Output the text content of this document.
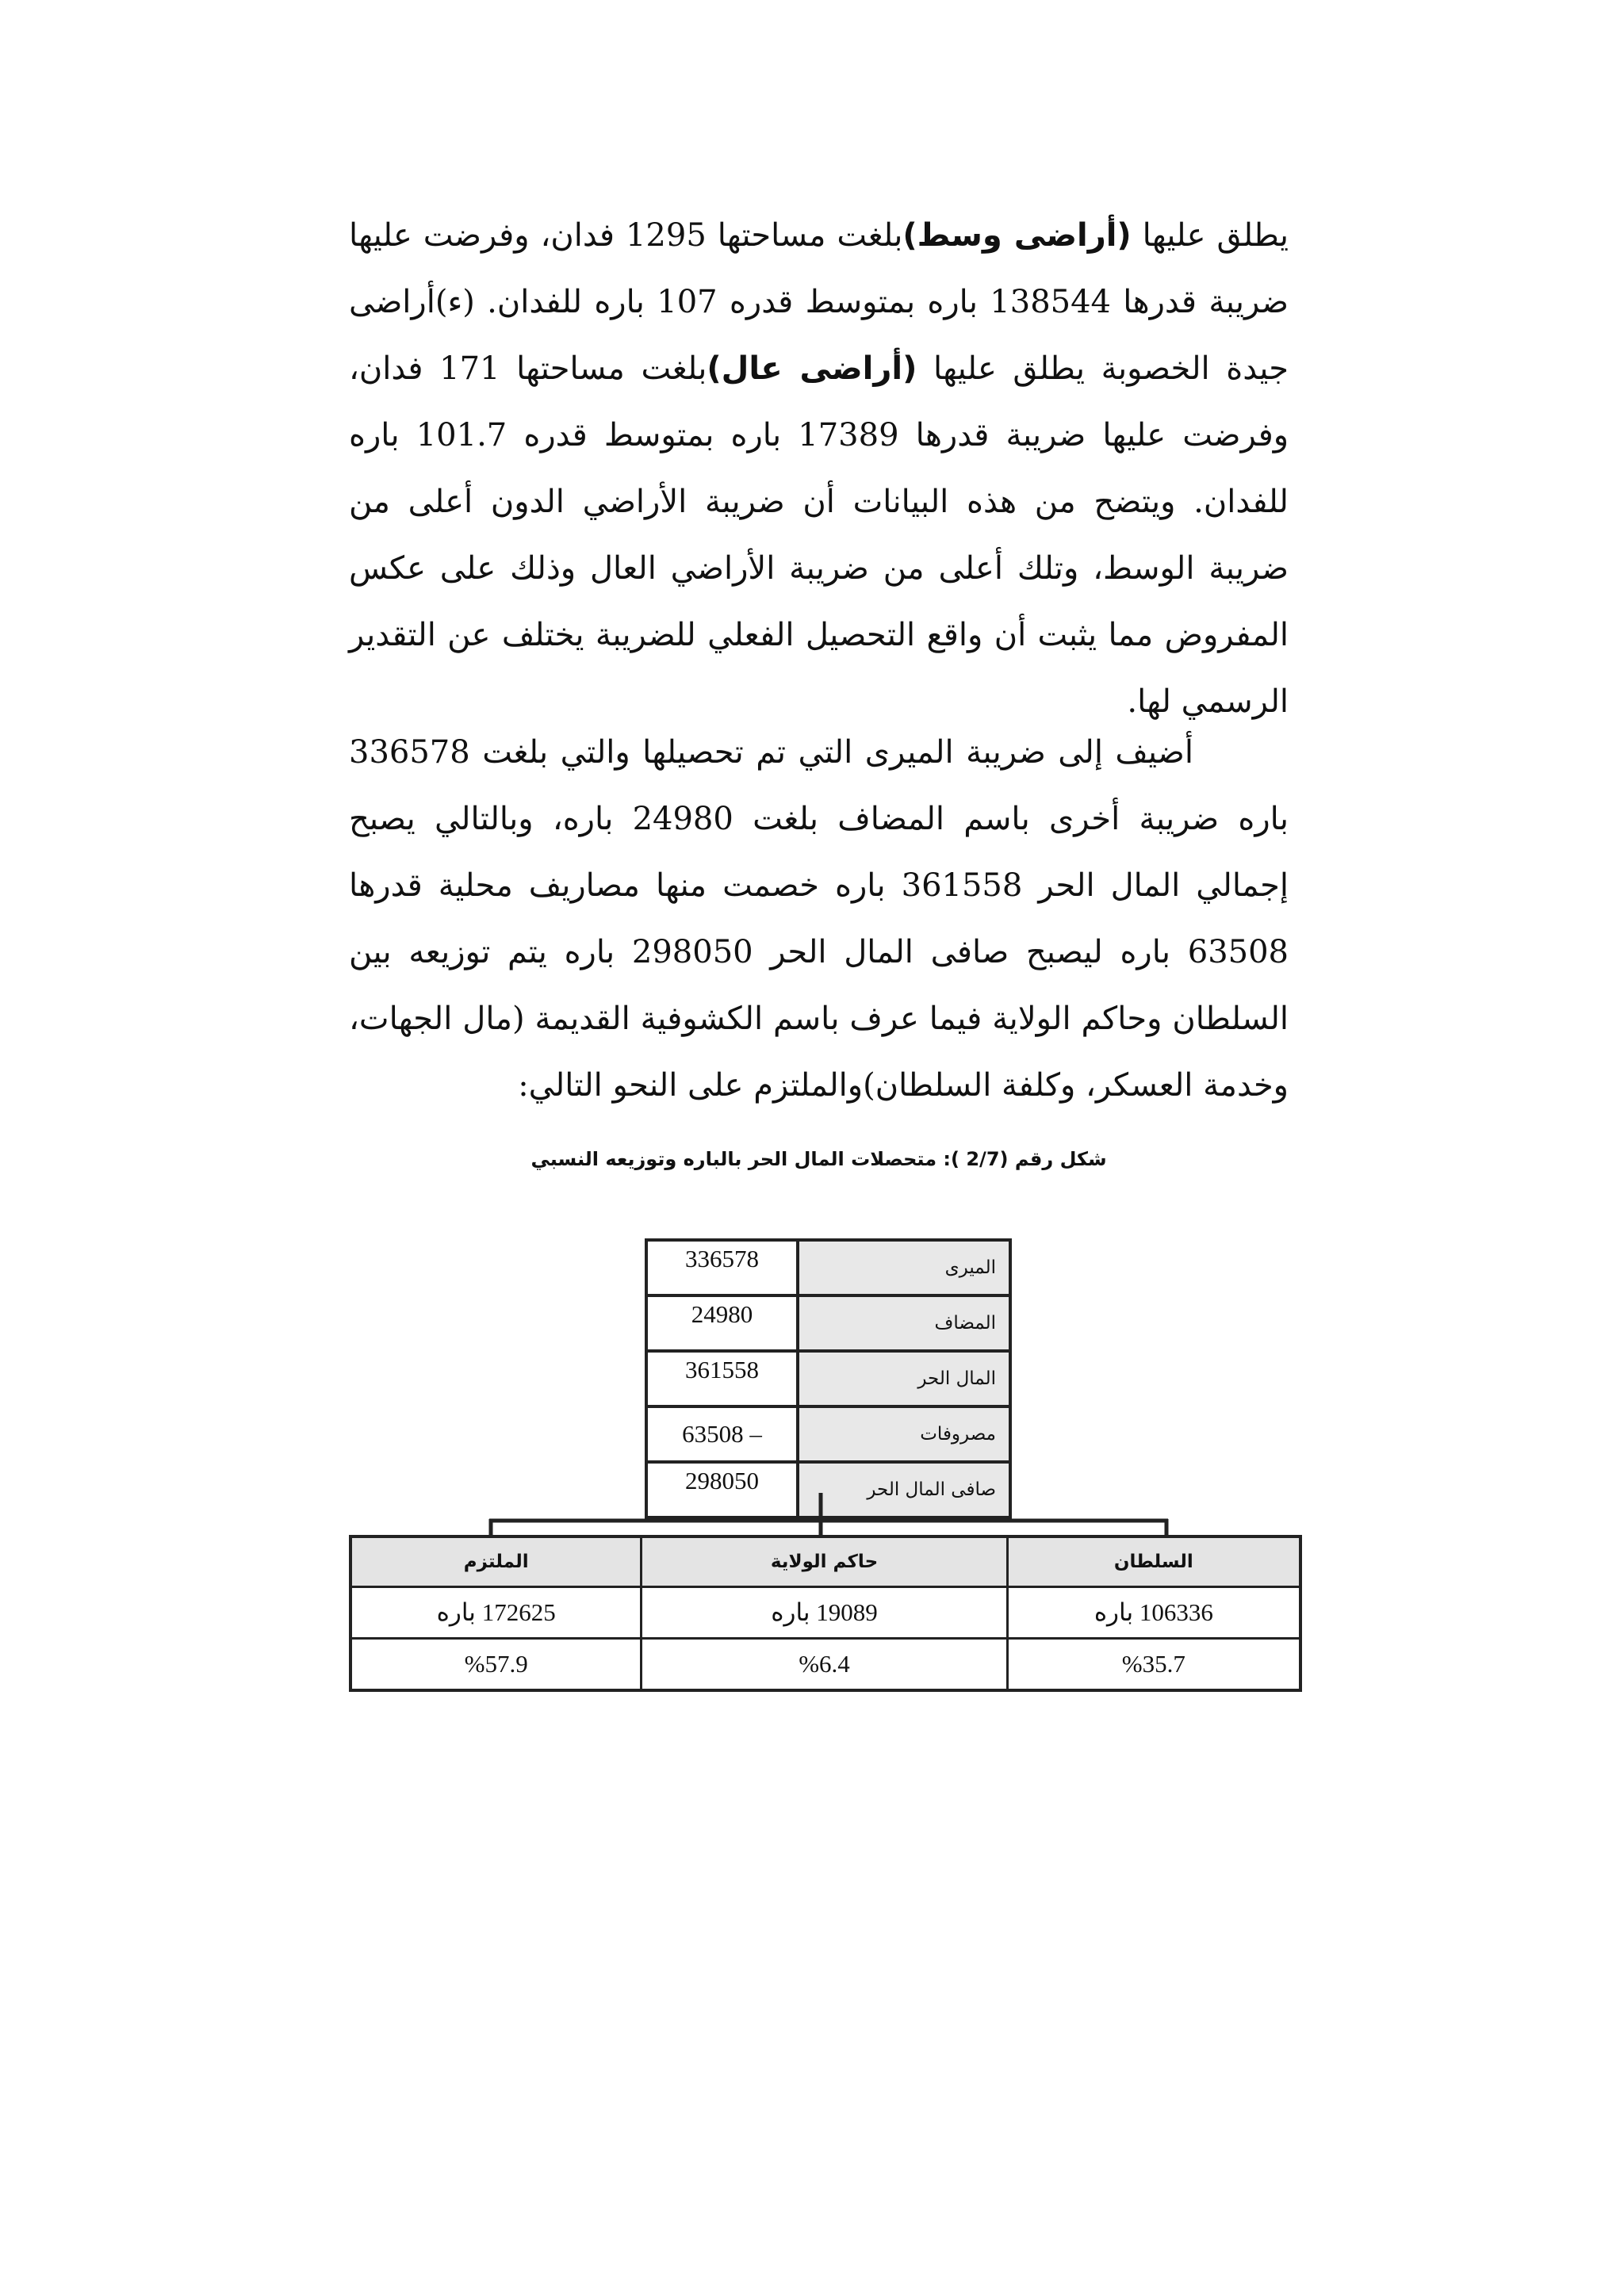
يطلق عليها (أراضى وسط)بلغت مساحتها 1295 فدان، وفرضت عليها ضريبة قدرها 138544 باره بمتوسط قدره 107 باره للفدان. (ء)أراضى جيدة الخصوبة يطلق عليها (أراضى عال)بلغت مساحتها 171 فدان، وفرضت عليها ضريبة قدرها 17389 باره بمتوسط قدره 101.7 باره للفدان. ويتضح من هذه البيانات أن ضريبة الأراضي الدون أعلى من ضريبة الوسط، وتلك أعلى من ضريبة الأراضي العال وذلك على عكس المفروض مما يثبت أن واقع التحصيل الفعلي للضريبة يختلف عن التقدير الرسمي لها.

أضيف إلى ضريبة الميرى التي تم تحصيلها والتي بلغت 336578 باره ضريبة أخرى باسم المضاف بلغت 24980 باره، وبالتالي يصبح إجمالي المال الحر 361558 باره خصمت منها مصاريف محلية قدرها 63508 باره ليصبح صافى المال الحر 298050 باره يتم توزيعه بين السلطان وحاكم الولاية فيما عرف باسم الكشوفية القديمة (مال الجهات، وخدمة العسكر، وكلفة السلطان)والملتزم على النحو التالي:

شكل رقم (2/7 ): متحصلات المال الحر بالباره وتوزيعه النسبي
336578	الميرى
24980	المضاف
361558	المال الحر
63508 –	مصروفات
298050	صافى المال الحر
السلطان	حاكم الولاية	الملتزم
106336 باره	19089 باره	172625 باره
%35.7	%6.4	%57.9
